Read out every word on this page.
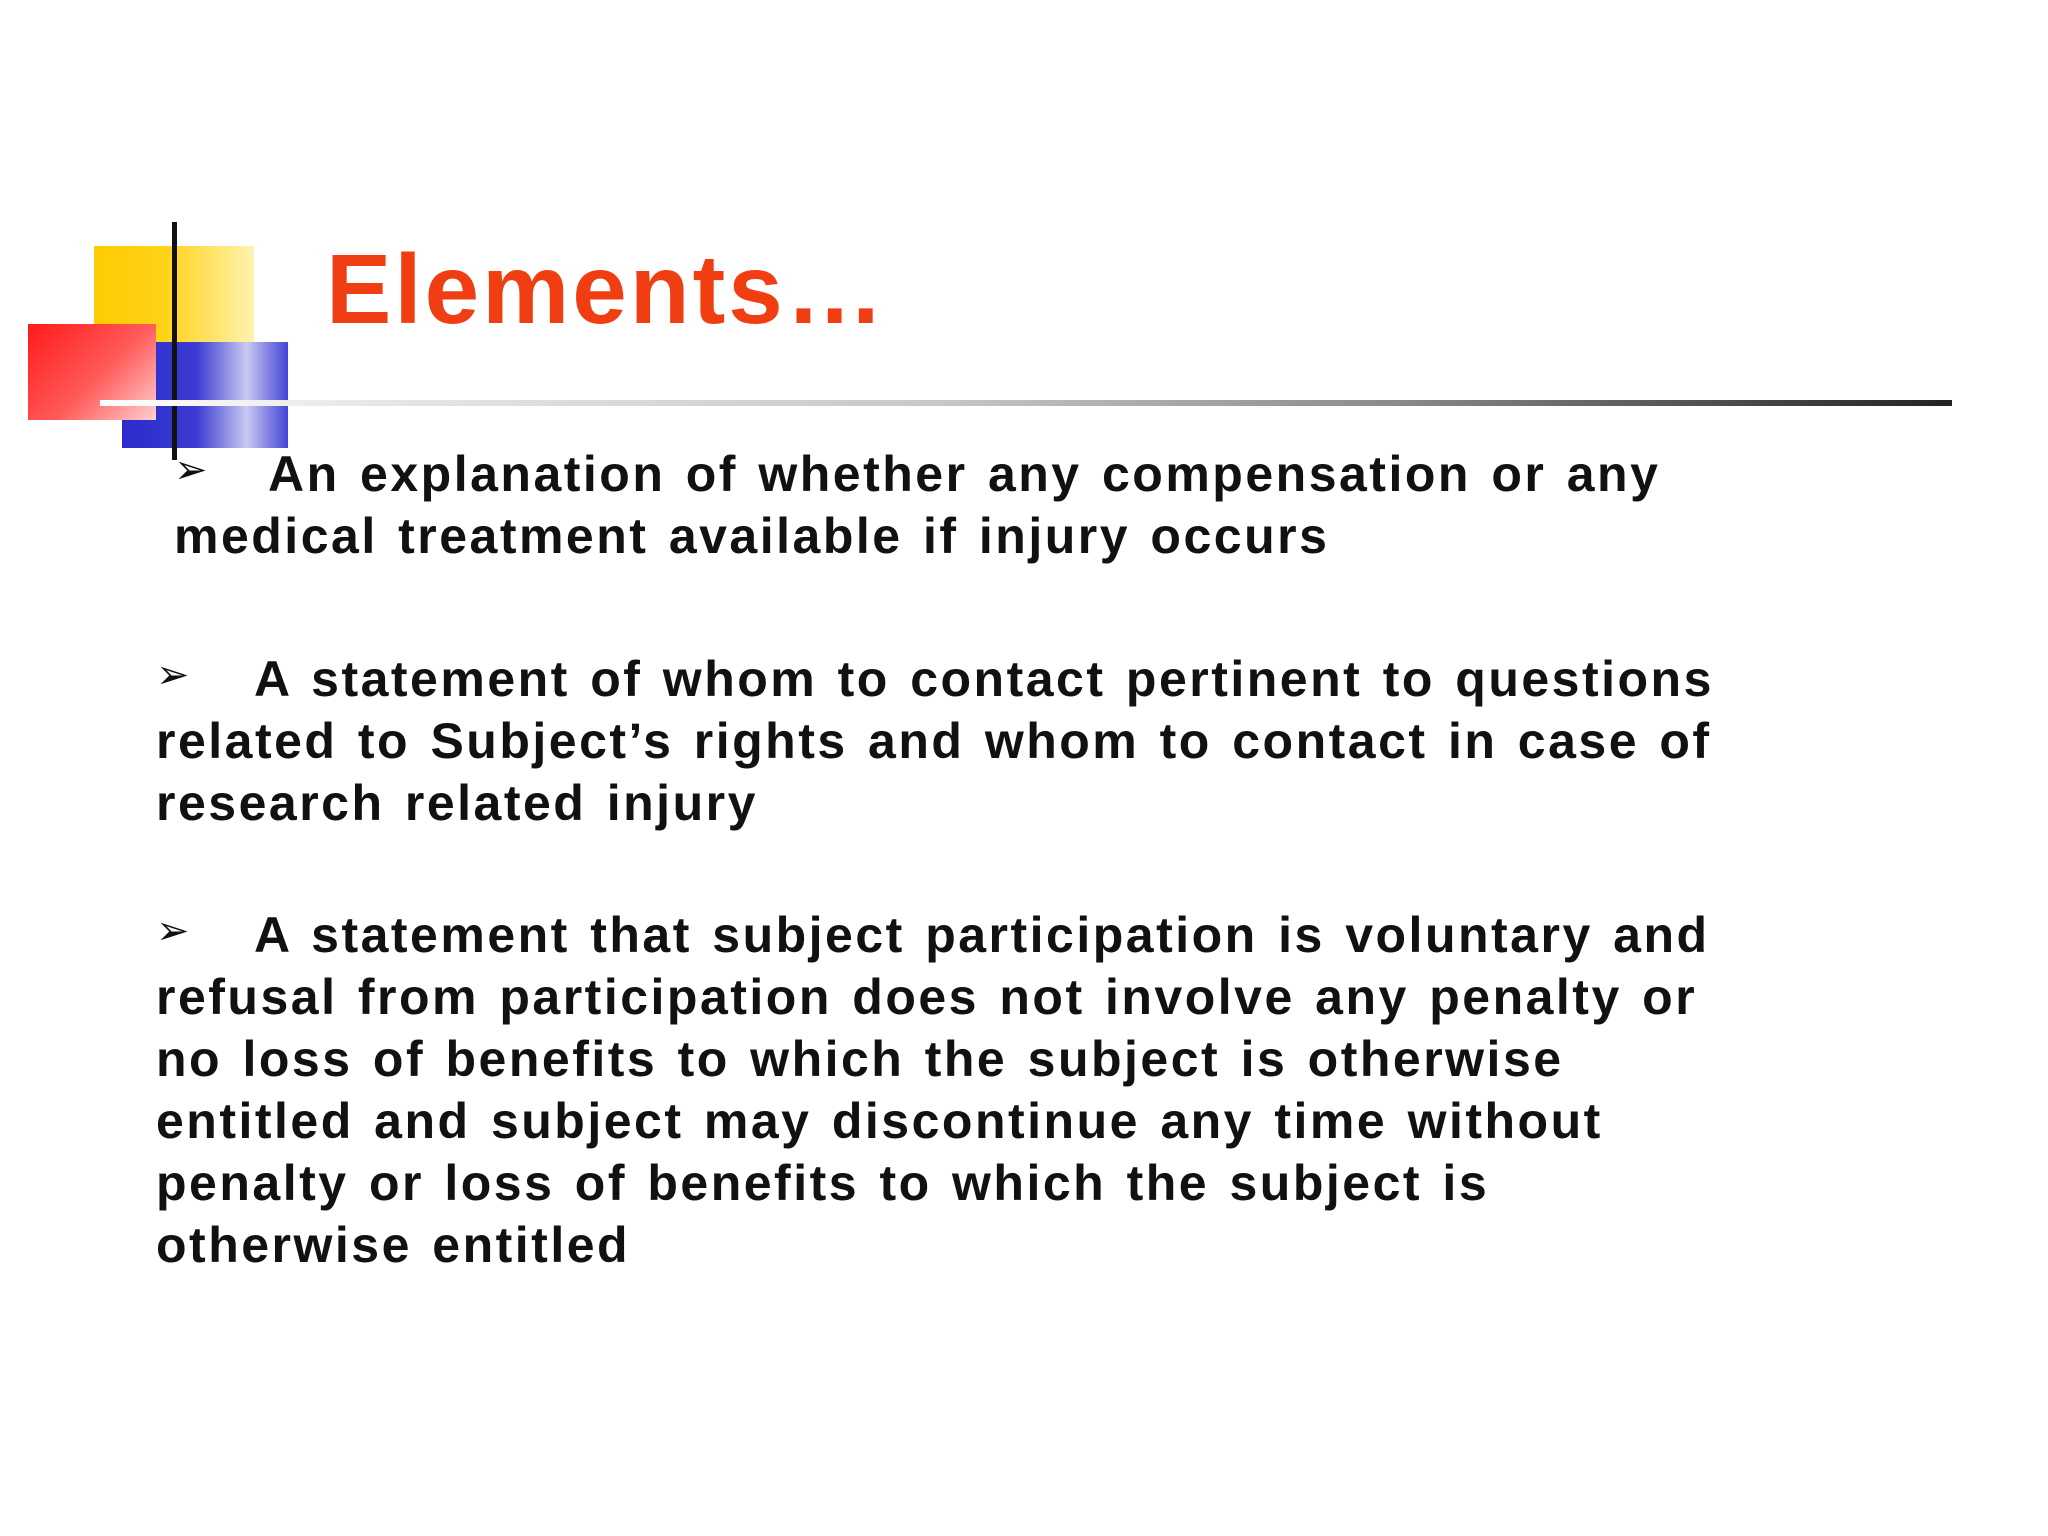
Elements…

➢ An explanation of whether any compensation or any medical treatment available if injury occurs

➢ A statement of whom to contact pertinent to questions related to Subject’s rights and whom to contact in case of research related injury

➢ A statement that subject participation is voluntary and refusal from participation does not involve any penalty or no loss of benefits to which the subject is otherwise entitled and subject may discontinue any time without penalty or loss of benefits to which the subject is otherwise entitled
